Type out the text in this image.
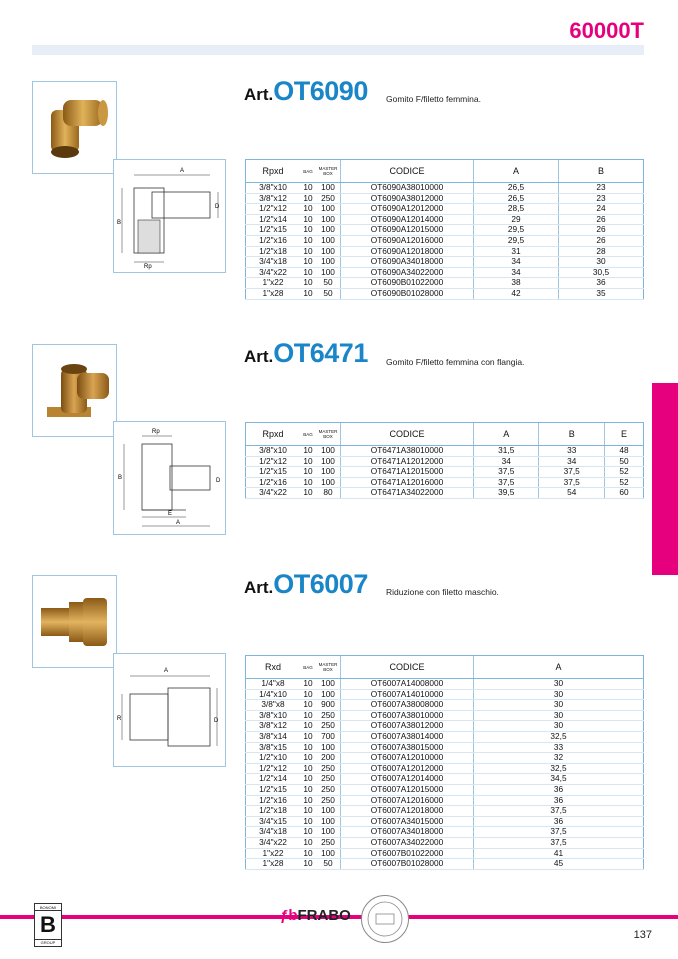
60000T
A
B
D
Rp
Art.OT6090 Gomito F/filetto femmina.
Rpxd	BAG	MASTER BOX	CODICE	A	B
3/8"x10	10	100	OT6090A38010000	26,5	23
3/8"x12	10	250	OT6090A38012000	26,5	23
1/2"x12	10	100	OT6090A12012000	28,5	24
1/2"x14	10	100	OT6090A12014000	29	26
1/2"x15	10	100	OT6090A12015000	29,5	26
1/2"x16	10	100	OT6090A12016000	29,5	26
1/2"x18	10	100	OT6090A12018000	31	28
3/4"x18	10	100	OT6090A34018000	34	30
3/4"x22	10	100	OT6090A34022000	34	30,5
1"x22	10	50	OT6090B01022000	38	36
1"x28	10	50	OT6090B01028000	42	35
Rp
B	D
E
A
Art.OT6471 Gomito F/filetto femmina con flangia.
Rpxd	BAG	MASTER BOX	CODICE	A	B	E
3/8"x10	10	100	OT6471A38010000	31,5	33	48
1/2"x12	10	100	OT6471A12012000	34	34	50
1/2"x15	10	100	OT6471A12015000	37,5	37,5	52
1/2"x16	10	100	OT6471A12016000	37,5	37,5	52
3/4"x22	10	80	OT6471A34022000	39,5	54	60
A
R	D
Art.OT6007 Riduzione con filetto maschio.
Rxd	BAG	MASTER BOX	CODICE	A
1/4"x8	10	100	OT6007A14008000	30
1/4"x10	10	100	OT6007A14010000	30
3/8"x8	10	900	OT6007A38008000	30
3/8"x10	10	250	OT6007A38010000	30
3/8"x12	10	250	OT6007A38012000	30
3/8"x14	10	700	OT6007A38014000	32,5
3/8"x15	10	100	OT6007A38015000	33
1/2"x10	10	200	OT6007A12010000	32
1/2"x12	10	250	OT6007A12012000	32,5
1/2"x14	10	250	OT6007A12014000	34,5
1/2"x15	10	250	OT6007A12015000	36
1/2"x16	10	250	OT6007A12016000	36
1/2"x18	10	100	OT6007A12018000	37,5
3/4"x15	10	100	OT6007A34015000	36
3/4"x18	10	100	OT6007A34018000	37,5
3/4"x22	10	250	OT6007A34022000	37,5
1"x22	10	100	OT6007B01022000	41
1"x28	10	50	OT6007B01028000	45
BONOMI
B
GROUP
ƒbFRABO
137
